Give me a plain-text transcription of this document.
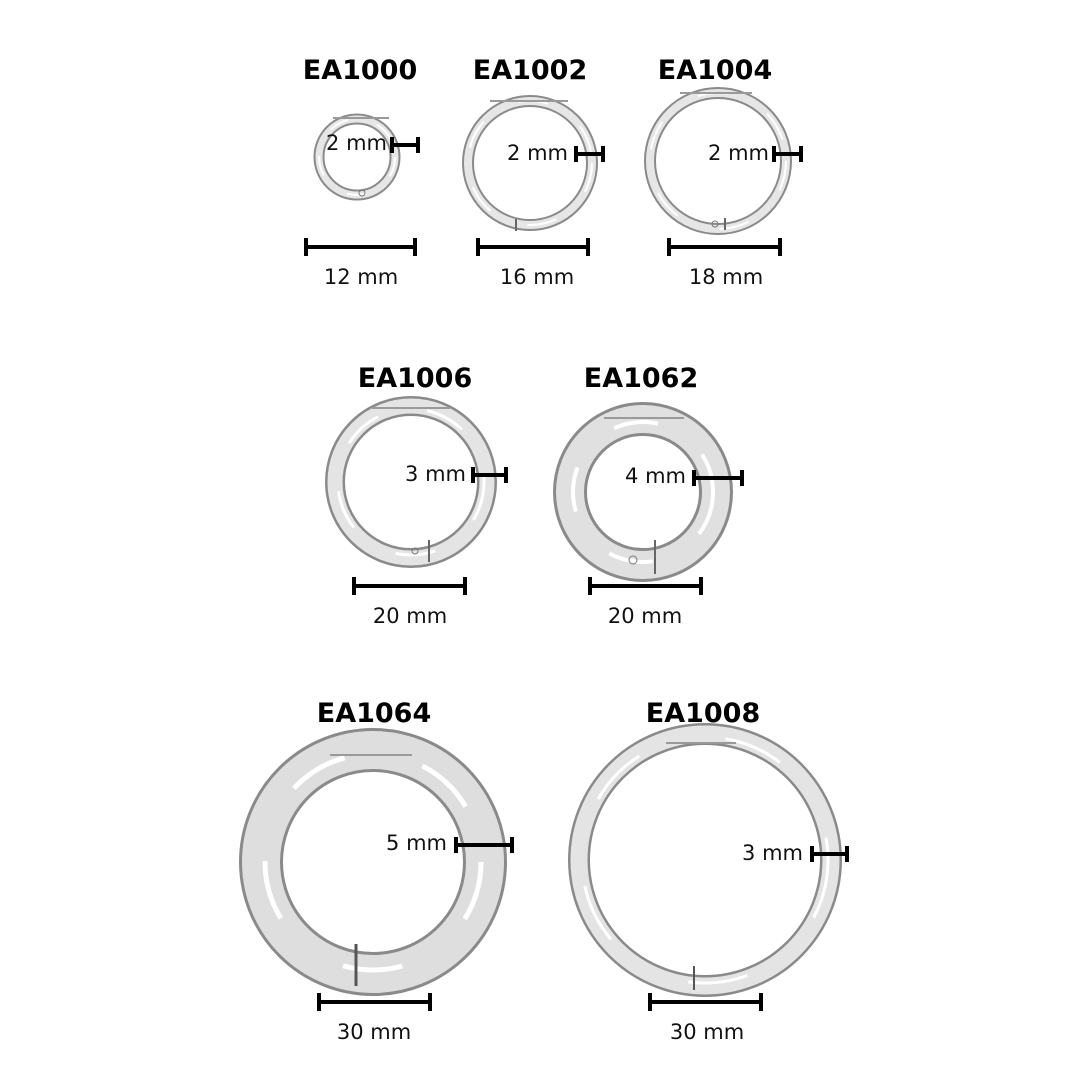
EA1000 EA1002	EA1004
EA1006	EA1062
EA1064	EA1008
2 mm	2 mm	2 mm
3 mm	4 mm
5 mm	3 mm
12 mm	16 mm	18 mm
20 mm	20 mm
30 mm	30 mm
